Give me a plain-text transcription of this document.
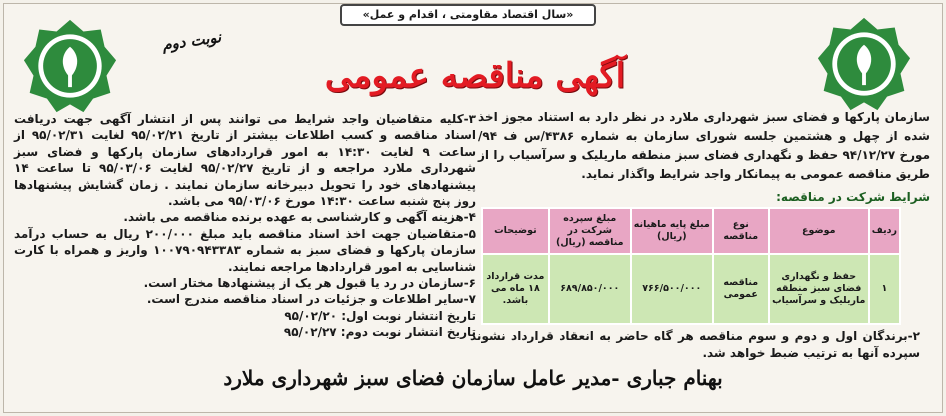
«سال اقتصاد مقاومتی ، اقدام و عمل»
نوبت دوم
آگهی مناقصه عمومی
سازمان پارکها و فضای سبز شهرداری ملارد در نظر دارد به استناد مجوز اخذ شده از چهل و هشتمین جلسه شورای سازمان به شماره ۴۳۸۶/س ف ۹۴/ مورخ ۹۴/۱۲/۲۷ حفظ و نگهداری فضای سبز منطقه ماریلیک و سرآسیاب را از طریق مناقصه عمومی به پیمانکار واجد شرایط واگذار نماید.
شرایط شرکت در مناقصه:
ردیف	موضوع	نوع مناقصه	مبلغ پایه ماهیانه (ریال)	مبلغ سپرده شرکت در مناقصه (ریال)	توضیحات
۱	حفظ و نگهداری فضای سبز منطقه ماریلیک و سرآسیاب	مناقصه عمومی	۷۶۶/۵۰۰/۰۰۰	۶۸۹/۸۵۰/۰۰۰	مدت قرارداد ۱۸ ماه می باشد.
۲-برندگان اول و دوم و سوم مناقصه هر گاه حاضر به انعقاد قرارداد نشوند سپرده آنها به ترتیب ضبط خواهد شد.

۳-کلیه متقاضیان واجد شرایط می توانند پس از انتشار آگهی جهت دریافت اسناد مناقصه و کسب اطلاعات بیشتر از تاریخ ۹۵/۰۲/۲۱ لغایت ۹۵/۰۲/۳۱ از ساعت ۹ لغایت ۱۴:۳۰ به امور قراردادهای سازمان پارکها و فضای سبز شهرداری ملارد مراجعه و از تاریخ ۹۵/۰۲/۲۷ لغایت ۹۵/۰۳/۰۶ تا ساعت ۱۴ پیشنهادهای خود را تحویل دبیرخانه سازمان نمایند . زمان گشایش پیشنهادها روز پنج شنبه ساعت ۱۴:۳۰ مورخ ۹۵/۰۳/۰۶ می باشد.

۴-هزینه آگهی و کارشناسی به عهده برنده مناقصه می باشد.

۵-متقاضیان جهت اخذ اسناد مناقصه باید مبلغ ۲۰۰/۰۰۰ ریال به حساب درآمد سازمان پارکها و فضای سبز به شماره ۱۰۰۷۹۰۹۴۳۳۸۳ واریز و همراه با کارت شناسایی به امور قراردادها مراجعه نمایند.

۶-سازمان در رد یا قبول هر یک از پیشنهادها مختار است.

۷-سایر اطلاعات و جزئیات در اسناد مناقصه مندرج است.

تاریخ انتشار نوبت اول: ۹۵/۰۲/۲۰

تاریخ انتشار نوبت دوم: ۹۵/۰۲/۲۷

بهنام جباری -مدیر عامل سازمان فضای سبز شهرداری ملارد
